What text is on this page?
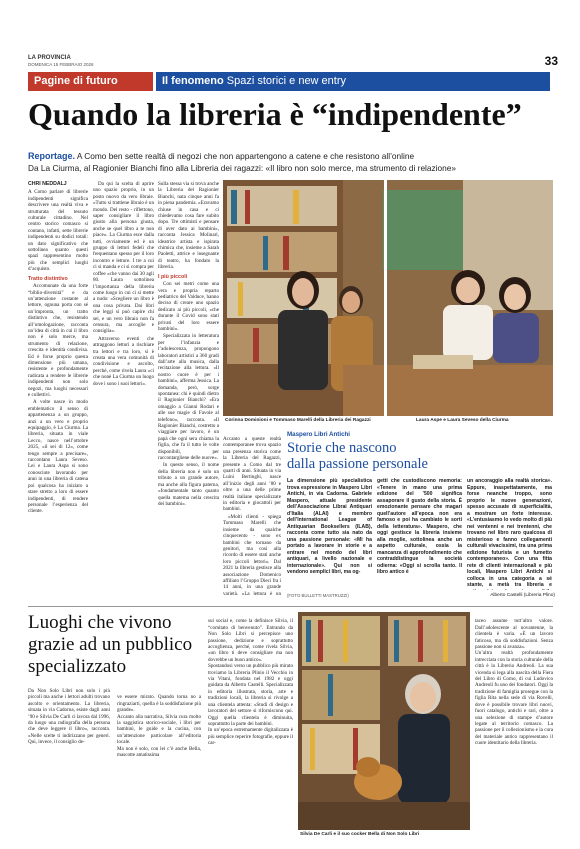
LA PROVINCIA
DOMENICA 15 FEBBRAIO 2026	33
Pagine di futuro	Il fenomeno Spazi storici e new entry
Quando la libreria è “indipendente”
Reportage. A Como ben sette realtà di negozi che non appartengono a catene e che resistono all’online
Da La Ciurma, al Ragionier Bianchi fino alla Libreria dei ragazzi: «Il libro non solo merce, ma strumento di relazione»

CHRI NEDDALJ

A Como parlare di librerie indipendenti significa descrivere una realtà viva e strutturata del tessuto culturale cittadino. Nel centro storico comasco si contano, infatti, sette librerie indipendenti su dodici totali: un dato significativo che sottolinea quanto questi spazi rappresentino molto più che semplici luoghi d’acquisto.

Tratto distintivo

Accomunate da una forte “biblio-diversità” e da un’attenzione costante al lettore, ognuna porta con sé un’impronta, un tratto distintivo che, resistendo all’omologazione, racconta un’idea di città in cui il libro non è solo merce, ma strumento di relazione, crescita e identità condivisa. Ed è forse proprio questa dimensione più umana, resistente e profondamente radicata a rendere le librerie indipendenti non solo negozi, ma luoghi necessari e collettivi.

A volte nasce in modo emblematico il senso di appartenenza a un gruppo, anzi a un vero e proprio equipaggio, è La Ciurma. La libreria, situata in viale Lecco, nasce nell’ottobre 2025, «il sei di 12», come tengo sempre a precisare», raccontano Laura Seveso. Lei e Laura Aspa si sono conosciute lavorando per anni in una libreria di catena poi qualcosa ha iniziato a stare stretto a loro di essere indipendenti, di rendere personale l’esperienza del cliente.

Da qui la scelta di aprire uno spazio proprio, in un posto nuovo da vero libraie. «Tutto si trattiene libraio è un mondo. Del resto - riflettono, saper consigliare il libro giusto alla persona giusta, anche se quel libro a te non piace». La Ciurma esce dalla tutti, ovviamente ed è un gruppo di lettori fedeli che frequentano spesso per il loro incontro e letture. I tre a cui ci si manda e ci si compra per coffee «che vanno dai 30 agli 80. Laura sottolinea l’importanza della libreria come luogo in cui ci si mette a nudo: «Scegliere un libro è una cosa privata. Dai libri che leggi si può capire chi sei, e un vero libraio non fa censura, ma accoglie e consiglia».

Attraverso eventi che attraggono lettori a rischiare tra lettori e tra loro, si è creata una vera comunità di condivisione e ascolto, perché, come rivela Laura «ci che nonè La Ciurma un luogo dove i sono i suoi lettori».

Sulla stessa via si trova anche la Libreria del Ragionier Bianchi, nata cinque anni fa in piena pandemia. «Eravamo chiuse in casa e ci chiedevamo cosa fare subito dopo. Tre ottimisti e pensare di aver dato ai bambini», racconta Jessica Molinari, ideatrice artista e ispirata chimica che, insieme a Sarah Paoletti, attrice e insegnante di teatro, ha fondato la libreria.

I più piccoli

Con sei metri come una vera e propria reparto pediatrico del Valduce, hanno deciso di creare uno spazio dedicato ai più piccoli, «che durante il Covid sono stati privati del loro essere bambini».

Specializzata in letteratura per l’infanzia e l’adolescenza, propongono laboratori artistici a 360 gradi dall’arte alla musica, dalla recitazione alla lettura. «Il nostro cuore è per i bambini», afferma Jessica. La domanda, però, sorge spontanea: chi è quindi dietro il Ragionier Bianchi? «Era omaggio a Gianni Rodari e alle sue magie di Favole al telefono», racconta. «Il Ragionier Bianchi, costretto a viaggiare per lavoro, è un papà che ogni sera chiama la figlia, che fa il tutto le volte disponibili, per raccontargliene delle nuove».

In questo senso, il nome della libreria non è solo un tributo a un grande autore, ma anche alla figura paterna, «fondamentale tanto quanto quella materna nella crescita dei bambini».

Accanto a queste realtà contemporanee trova spazio una presenza storica come la Libreria del Ragazzi, presente a Como dal tre quarti di anni. Situata in via Luini Bertinghi, nasce all’inizio degli anni ’80 e oltre a una delle prime realtà italiane specializzate in editoria e giocattoli per bambini.

«Molti clienti - spiega Tommaso Marelli che insieme da qualche cinquecento - sono ex bambini che tornano da genitori, ma così alla ricordo di essere stati anche loro piccoli lettori». Dal 2021 la libreria gestisce alla associazione Domenico affiliato l’Gruppo Dieci fra i 14 anni, in una grande varietà. «La lettura è un

Corinna Dominioni e Tommaso Marelli della Libreria dei Ragazzi	Laura Aspe e Laura Seveso della Ciurma
Maspero Libri Antichi
Storie che nascono
dalla passione personale

La dimensione più specialistica trova espressione in Maspero Libri Antichi, in via Cadorna. Gabriele Maspero, attuale presidente dell’Associazione Librai Antiquari d’Italia (ALAI) e membro dell’International League of Antiquarian Booksellers (ILAB), racconta come tutto sia nato da una passione personale: «Mi ha portato a lavorare in storie e a entrare nel mondo del libri antiquari, a livello nazionale e internazionale». Qui non si vendono semplici libri, ma og-

getti che custodiscono memoria: «Tenere in mano una prima edizione del ’500 significa assaporare il gusto della storia. È emozionante pensare che magari quell’autore all’epoca non era famoso e poi ha cambiato le sorti della letteratura». Maspero, che oggi gestisce la libreria insieme alla moglie, sottolinea anche un aspetto culturale, ossia la mancanza di approfondimento che contraddistingue la società odierna: «Oggi si scrolla tanto. Il libro antico è

un ancoraggio alla realtà storica». Eppure, inaspettatamente, ma forse neanche troppo, sono proprio le nuove generazioni, spesso accusate di superficialità, a mostrare un forte interesse. «L’entusiasmo lo vedo molto di più nei ventenni e nei trentenni, che trovano nel libro raro qualcosa di misterioso e fanno collegamenti culturali vivacissimi, tra una prima edizione futurista e un fumetto contemporaneo». Con una fitta rete di clienti internazionali e più locali, Maspero Libri Antichi si colloca in una categoria a sé stante, a metà tra libreria e

(FOTO BULLETTI MASTRUZZI)	Alberto Castelli (Libreria Plino)
Luoghi che vivono
grazie ad un pubblico
specializzato

Da Non Solo Libri non solo i più piccoli ma anche i lettori adulti trovano ascolto e orientamento. La libreria, situata in via Cadorna, esiste dagli anni ’90 e Silvia De Carli ci lavora dal 1996, da luogo una radiografia della persona che deve leggere il libro», racconta. «Nelle scelte ti indirizzano per generi. Qui, invece, il consiglio de-

ve essere mirato. Quando torna no a ringraziarti, quella è la soddisfazione più grande».
Accanto alla narrativa, Silvia cura molto la saggistica storico-sociale, i libri per bambini, le guide e la cucina, con un’attenzione particolare all’editoria locale.
Ma non è solo, con lei c’è anche Bella, mascotte amatissima

sui social e, come la definisce Silvia, il “comitato di benvenuto”. Entrando da Non Solo Libri si percepisce uno passione, dedizione e soprattutto accoglienza, perché, come rivela Silvia, «un libro ti deve consigliare ma non dovrebbe un buon amico».
Spostandosi verso un pubblico più mirato troviamo la Libreria Plinio il Vecchio in via Vitani, fondata nel 1982 e oggi guidata da Alberto Castelli. Specializzata in editoria illustrata, storia, arte e tradizioni locali, la libreria si rivolge a una clientela attenta: «Studi di design e lavoratori del settore si riforniscono qui. Oggi quella clientela è diminuita, soprattutto la parte dei bambini.
In un’epoca estremamente digitalizzata è più semplice reperire fotografie, eppure il car-

Silvia De Carli e il suo cocker Bella di Non Solo Libri

taceo assume tutt’altro valore. Dall’adolescente al novantenne, la clientela è varia. «È un lavoro faticoso, ma dà soddisfazioni. Senza passione non si avanza».
Un’altra realtà profondamente intrecciata con la storia culturale della città è la Libreria Andreoli. La sua vicenda si lega alla nascita della Fiera del Libro di Como, di cui Ludovico Andreoli fu uno dei fondatori. Oggi la tradizione di famiglia prosegue con la figlia Rita nella sede di via Rovelli, dove è possibile trovare libri nuovi, fuori catalogo, antichi e rari, oltre a una selezione di stampe d’autore legate al territorio comasco. La passione per il collezionismo e la cura del materiale antico rappresentano il cuore identitario della libreria.
